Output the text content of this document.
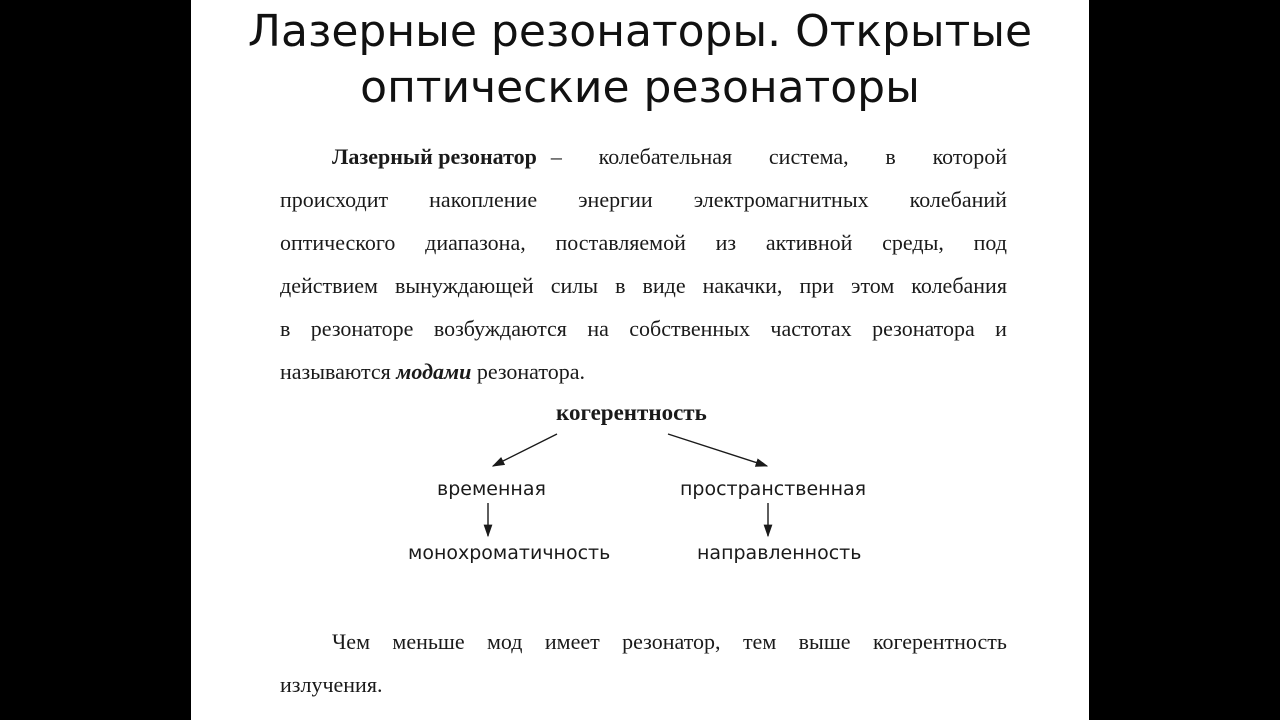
Лазерные резонаторы. Открытые
оптические резонаторы
Лазерный резонатор – колебательная система, в которой
происходит накопление энергии электромагнитных колебаний
оптического диапазона, поставляемой из активной среды, под
действием вынуждающей силы в виде накачки, при этом колебания
в резонаторе возбуждаются на собственных частотах резонатора и
называются модами резонатора.
когерентность
временная	пространственная
монохроматичность	направленность
Чем меньше мод имеет резонатор, тем выше когерентность
излучения.
